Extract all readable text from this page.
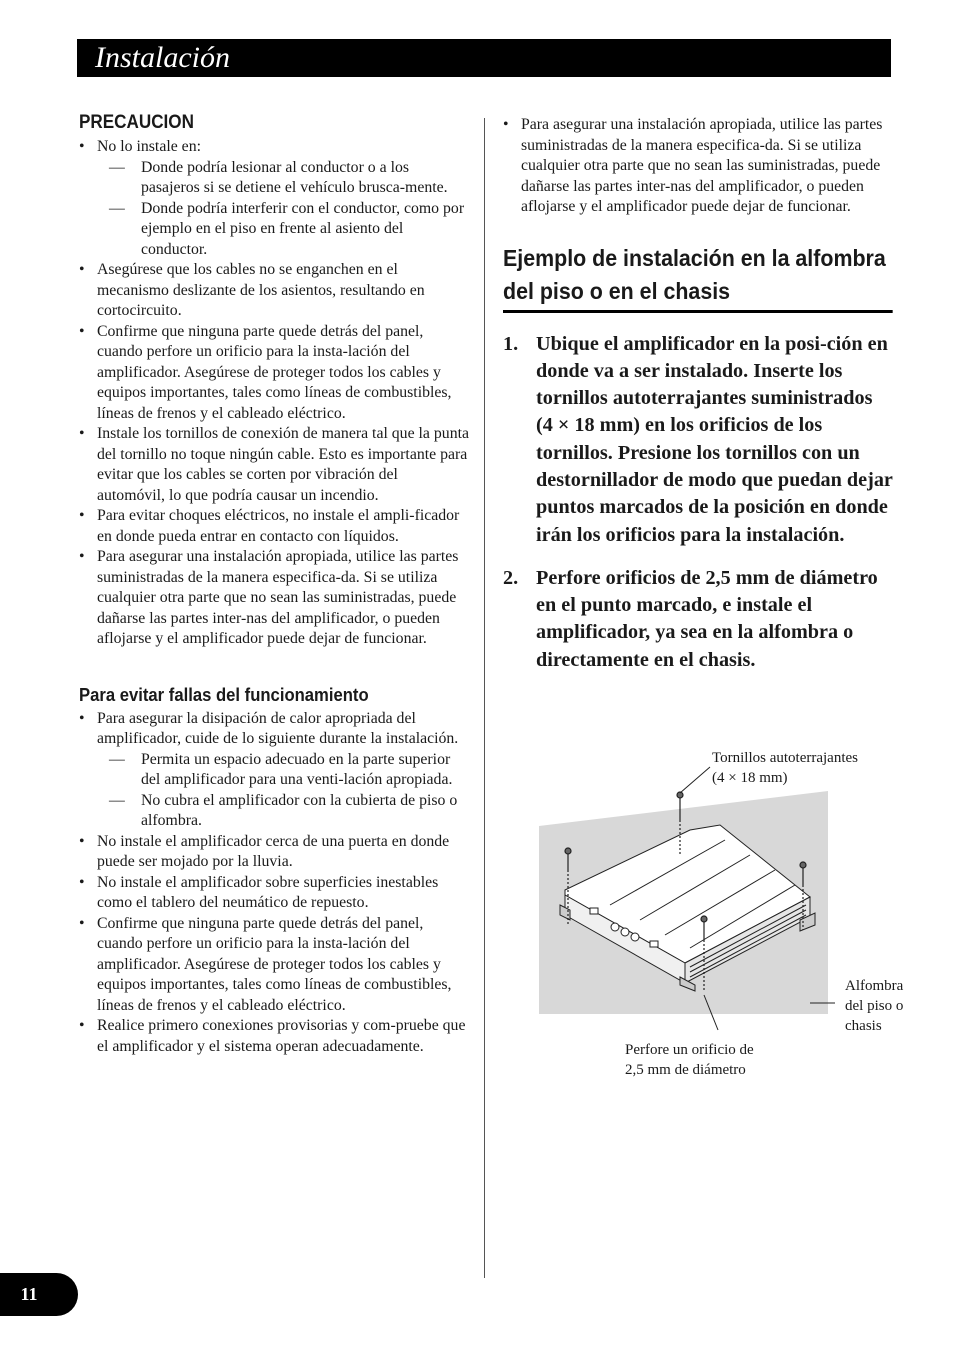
Instalación
PRECAUCION
• No lo instale en:
— Donde podría lesionar al conductor o a los pasajeros si se detiene el vehículo brusca-mente.
— Donde podría interferir con el conductor, como por ejemplo en el piso en frente al asiento del conductor.
• Asegúrese que los cables no se enganchen en el mecanismo deslizante de los asientos, resultando en cortocircuito.
• Confirme que ninguna parte quede detrás del panel, cuando perfore un orificio para la insta-lación del amplificador. Asegúrese de proteger todos los cables y equipos importantes, tales como líneas de combustibles, líneas de frenos y el cableado eléctrico.
• Instale los tornillos de conexión de manera tal que la punta del tornillo no toque ningún cable. Esto es importante para evitar que los cables se corten por vibración del automóvil, lo que podría causar un incendio.
• Para evitar choques eléctricos, no instale el ampli-ficador en donde pueda entrar en contacto con líquidos.
• Para asegurar una instalación apropiada, utilice las partes suministradas de la manera especifica-da. Si se utiliza cualquier otra parte que no sean las suministradas, puede dañarse las partes inter-nas del amplificador, o pueden aflojarse y el amplificador puede dejar de funcionar.
Para evitar fallas del funcionamiento
• Para asegurar la disipación de calor apropriada del amplificador, cuide de lo siguiente durante la instalación.
— Permita un espacio adecuado en la parte superior del amplificador para una venti-lación apropiada.
— No cubra el amplificador con la cubierta de piso o alfombra.
• No instale el amplificador cerca de una puerta en donde puede ser mojado por la lluvia.
• No instale el amplificador sobre superficies inestables como el tablero del neumático de repuesto.
• Confirme que ninguna parte quede detrás del panel, cuando perfore un orificio para la insta-lación del amplificador. Asegúrese de proteger todos los cables y equipos importantes, tales como líneas de combustibles, líneas de frenos y el cableado eléctrico.
• Realice primero conexiones provisorias y com-pruebe que el amplificador y el sistema operan adecuadamente.
• Para asegurar una instalación apropiada, utilice las partes suministradas de la manera especifica-da. Si se utiliza cualquier otra parte que no sean las suministradas, puede dañarse las partes inter-nas del amplificador, o pueden aflojarse y el amplificador puede dejar de funcionar.
Ejemplo de instalación en la alfombra del piso o en el chasis
1. Ubique el amplificador en la posi-ción en donde va a ser instalado. Inserte los tornillos autoterrajantes suministrados (4 × 18 mm) en los orificios de los tornillos. Presione los tornillos con un destornillador de modo que puedan dejar puntos marcados de la posición en donde irán los orificios para la instalación.
2. Perfore orificios de 2,5 mm de diámetro en el punto marcado, e instale el amplificador, ya sea en la alfombra o directamente en el chasis.
Tornillos autoterrajantes
(4 × 18 mm)
Alfombra
del piso o
chasis
Perfore un orificio de
2,5 mm de diámetro
11
